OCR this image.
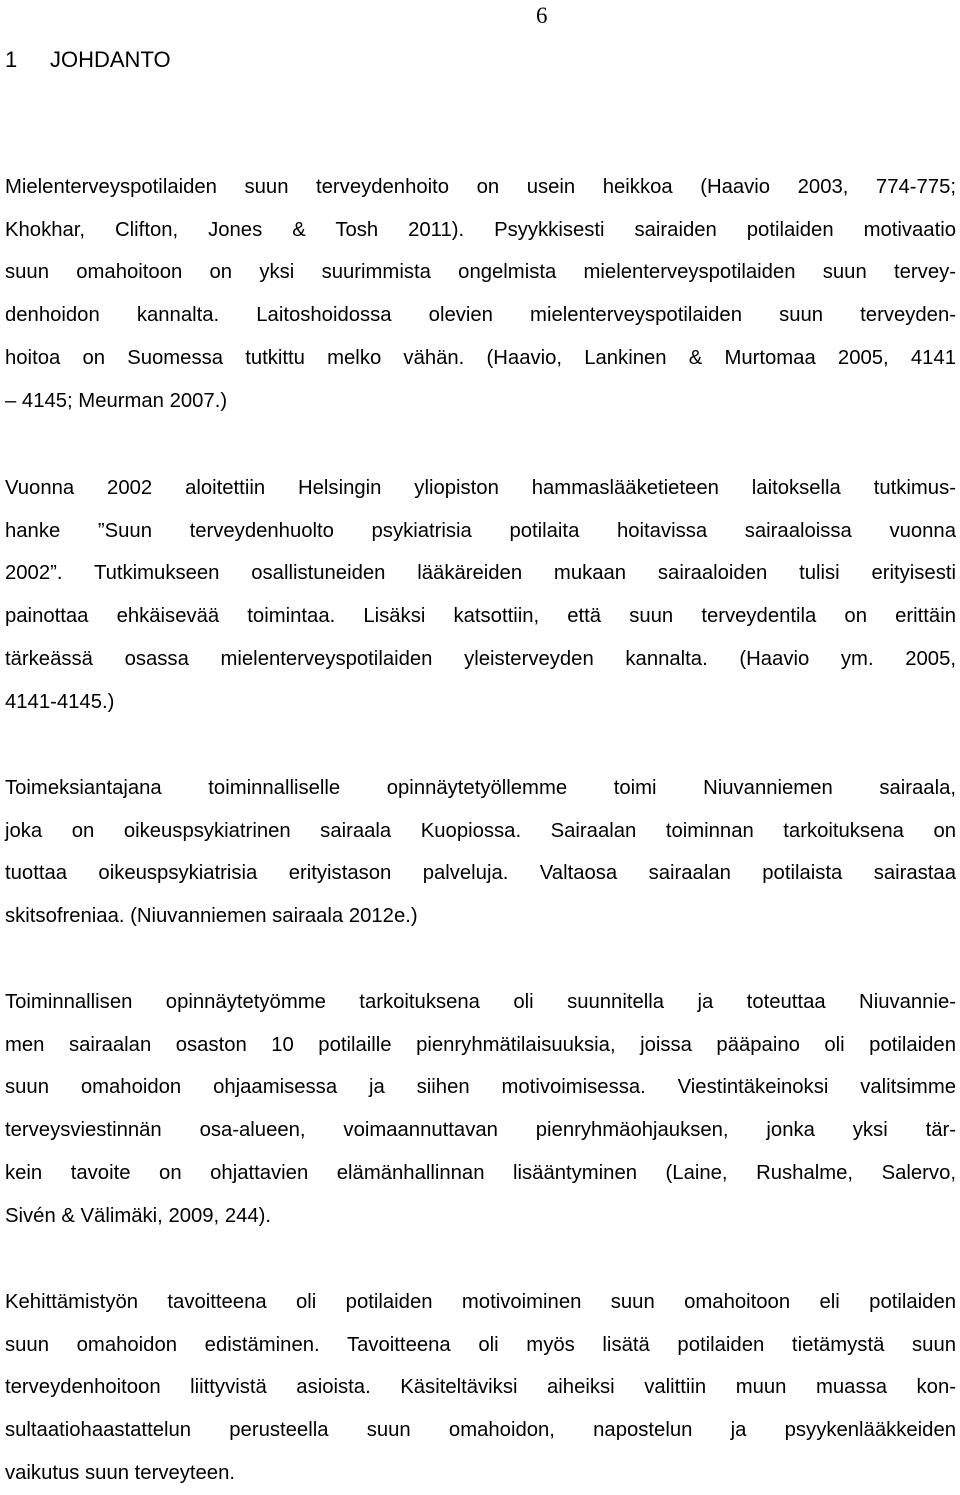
6
1 JOHDANTO
Mielenterveyspotilaiden suun terveydenhoito on usein heikkoa (Haavio 2003, 774-775;
Khokhar, Clifton, Jones & Tosh 2011). Psyykkisesti sairaiden potilaiden motivaatio
suun omahoitoon on yksi suurimmista ongelmista mielenterveyspotilaiden suun tervey-
denhoidon kannalta. Laitoshoidossa olevien mielenterveyspotilaiden suun terveyden-
hoitoa on Suomessa tutkittu melko vähän. (Haavio, Lankinen & Murtomaa 2005, 4141
– 4145; Meurman 2007.)
Vuonna 2002 aloitettiin Helsingin yliopiston hammaslääketieteen laitoksella tutkimus-
hanke ”Suun terveydenhuolto psykiatrisia potilaita hoitavissa sairaaloissa vuonna
2002”. Tutkimukseen osallistuneiden lääkäreiden mukaan sairaaloiden tulisi erityisesti
painottaa ehkäisevää toimintaa. Lisäksi katsottiin, että suun terveydentila on erittäin
tärkeässä osassa mielenterveyspotilaiden yleisterveyden kannalta. (Haavio ym. 2005,
4141-4145.)
Toimeksiantajana toiminnalliselle opinnäytetyöllemme toimi Niuvanniemen sairaala,
joka on oikeuspsykiatrinen sairaala Kuopiossa. Sairaalan toiminnan tarkoituksena on
tuottaa oikeuspsykiatrisia erityistason palveluja. Valtaosa sairaalan potilaista sairastaa
skitsofreniaa. (Niuvanniemen sairaala 2012e.)
Toiminnallisen opinnäytetyömme tarkoituksena oli suunnitella ja toteuttaa Niuvannie-
men sairaalan osaston 10 potilaille pienryhmätilaisuuksia, joissa pääpaino oli potilaiden
suun omahoidon ohjaamisessa ja siihen motivoimisessa. Viestintäkeinoksi valitsimme
terveysviestinnän osa-alueen, voimaannuttavan pienryhmäohjauksen, jonka yksi tär-
kein tavoite on ohjattavien elämänhallinnan lisääntyminen (Laine, Rushalme, Salervo,
Sivén & Välimäki, 2009, 244).
Kehittämistyön tavoitteena oli potilaiden motivoiminen suun omahoitoon eli potilaiden
suun omahoidon edistäminen. Tavoitteena oli myös lisätä potilaiden tietämystä suun
terveydenhoitoon liittyvistä asioista. Käsiteltäviksi aiheiksi valittiin muun muassa kon-
sultaatiohaastattelun perusteella suun omahoidon, napostelun ja psyykenlääkkeiden
vaikutus suun terveyteen.
